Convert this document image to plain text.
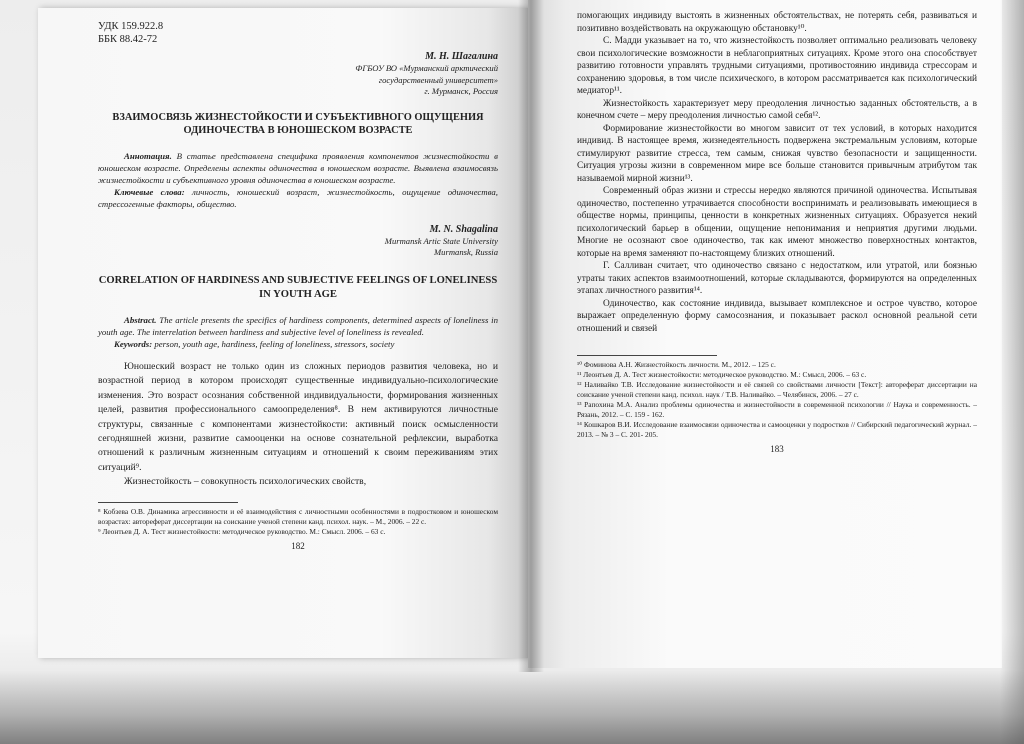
УДК 159.922.8
ББК 88.42-72
М. Н. Шагалина
ФГБОУ ВО «Мурманский арктический
государственный университет»
г. Мурманск, Россия
ВЗАИМОСВЯЗЬ ЖИЗНЕСТОЙКОСТИ И СУБЪЕКТИВНОГО ОЩУЩЕНИЯ ОДИНОЧЕСТВА В ЮНОШЕСКОМ ВОЗРАСТЕ

Аннотация. В статье представлена специфика проявления компонентов жизнестойкости в юношеском возрасте. Определены аспекты одиночества в юношеском возрасте. Выявлена взаимосвязь жизнестойкости и субъективного уровня одиночества в юношеском возрасте.

Ключевые слова: личность, юношеский возраст, жизнестойкость, ощущение одиночества, стрессогенные факторы, общество.

M. N. Shagalina
Murmansk Artic State University
Murmansk, Russia
CORRELATION OF HARDINESS AND SUBJECTIVE FEELINGS OF LONELINESS IN YOUTH AGE

Abstract. The article presents the specifics of hardiness components, determined aspects of loneliness in youth age. The interrelation between hardiness and subjective level of loneliness is revealed.

Keywords: person, youth age, hardiness, feeling of loneliness, stressors, society

Юношеский возраст не только один из сложных периодов развития человека, но и возрастной период в котором происходят существенные индивидуально-психологические изменения. Это возраст осознания собственной индивидуальности, формирования жизненных целей, развития профессионального самоопределения⁸. В нем активируются личностные структуры, связанные с компонентами жизнестойкости: активный поиск осмысленности сегодняшней жизни, развитие самооценки на основе сознательной рефлексии, выработка отношений к различным жизненным ситуациям и отношений к своим переживаниям этих ситуаций⁹.

Жизнестойкость – совокупность психологических свойств,

⁸ Кобзева О.В. Динамика агрессивности и её взаимодействия с личностными особенностями в подростковом и юношеском возрастах: автореферат диссертации на соискание ученой степени канд. психол. наук. – М., 2006. – 22 с.

⁹ Леонтьев Д. А. Тест жизнестойкости: методическое руководство. М.: Смысл. 2006. – 63 с.

182

помогающих индивиду выстоять в жизненных обстоятельствах, не потерять себя, развиваться и позитивно воздействовать на окружающую обстановку¹⁰.

С. Мадди указывает на то, что жизнестойкость позволяет оптимально реализовать человеку свои психологические возможности в неблагоприятных ситуациях. Кроме этого она способствует развитию готовности управлять трудными ситуациями, противостоянию индивида стрессорам и сохранению здоровья, в том числе психического, в котором рассматривается как психологический медиатор¹¹.

Жизнестойкость характеризует меру преодоления личностью заданных обстоятельств, а в конечном счете – меру преодоления личностью самой себя¹².

Формирование жизнестойкости во многом зависит от тех условий, в которых находится индивид. В настоящее время, жизнедеятельность подвержена экстремальным условиям, которые стимулируют развитие стресса, тем самым, снижая чувство безопасности и защищенности. Ситуация угрозы жизни в современном мире все больше становится привычным атрибутом так называемой мирной жизни¹³.

Современный образ жизни и стрессы нередко являются причиной одиночества. Испытывая одиночество, постепенно утрачивается способности воспринимать и реализовывать имеющиеся в обществе нормы, принципы, ценности в конкретных жизненных ситуациях. Образуется некий психологический барьер в общении, ощущение непонимания и неприятия другими людьми. Многие не осознают свое одиночество, так как имеют множество поверхностных контактов, которые на время заменяют по-настоящему близких отношений.

Г. Салливан считает, что одиночество связано с недостатком, или утратой, или боязнью утраты таких аспектов взаимоотношений, которые складываются, формируются на определенных этапах личностного развития¹⁴.

Одиночество, как состояние индивида, вызывает комплексное и острое чувство, которое выражает определенную форму самосознания, и показывает раскол основной реальной сети отношений и связей

¹⁰ Фоминова А.Н. Жизнестойкость личности. М., 2012. – 125 с.

¹¹ Леонтьев Д. А. Тест жизнестойкости: методическое руководство. М.: Смысл, 2006. – 63 с.

¹² Наливайко Т.В. Исследование жизнестойкости и её связей со свойствами личности [Текст]: автореферат диссертации на соискание ученой степени канд. психол. наук / Т.В. Наливайко. – Челябинск, 2006. – 27 с.

¹³ Рапохина М.А. Анализ проблемы одиночества и жизнестойкости в современной психологии // Наука и современность. – Рязань, 2012. – С. 159 - 162.

¹⁴ Кошкаров В.И. Исследование взаимосвязи одиночества и самооценки у подростков // Сибирский педагогический журнал. – 2013. – № 3 – С. 201- 205.

183
